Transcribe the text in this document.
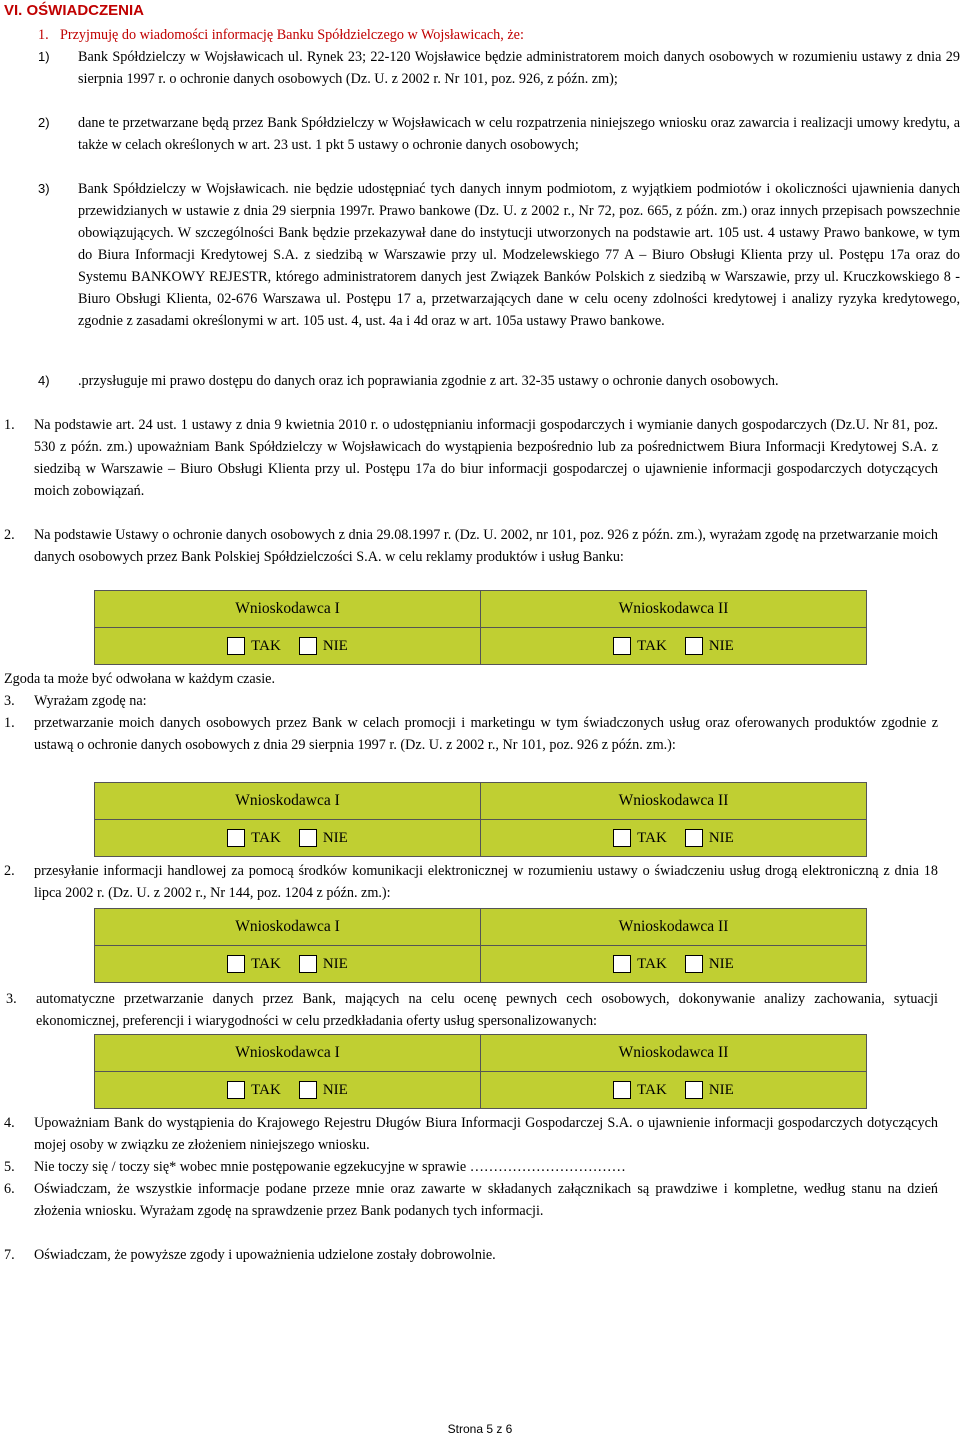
VI. OŚWIADCZENIA
1. Przyjmuję do wiadomości informację Banku Spółdzielczego w Wojsławicach, że:
1) Bank Spółdzielczy w Wojsławicach ul. Rynek 23; 22-120 Wojsławice będzie administratorem moich danych osobowych w rozumieniu ustawy z dnia 29 sierpnia 1997 r. o ochronie danych osobowych (Dz. U. z 2002 r. Nr 101, poz. 926, z późn. zm);
2) dane te przetwarzane będą przez Bank Spółdzielczy w Wojsławicach w celu rozpatrzenia niniejszego wniosku oraz zawarcia i realizacji umowy kredytu, a także w celach określonych w art. 23 ust. 1 pkt 5 ustawy o ochronie danych osobowych;
3) Bank Spółdzielczy w Wojsławicach. nie będzie udostępniać tych danych innym podmiotom, z wyjątkiem podmiotów i okoliczności ujawnienia danych przewidzianych w ustawie z dnia 29 sierpnia 1997r. Prawo bankowe (Dz. U. z 2002 r., Nr 72, poz. 665, z późn. zm.) oraz innych przepisach powszechnie obowiązujących. W szczególności Bank będzie przekazywał dane do instytucji utworzonych na podstawie art. 105 ust. 4 ustawy Prawo bankowe, w tym do Biura Informacji Kredytowej S.A. z siedzibą w Warszawie przy ul. Modzelewskiego 77 A – Biuro Obsługi Klienta przy ul. Postępu 17a oraz do Systemu BANKOWY REJESTR, którego administratorem danych jest Związek Banków Polskich z siedzibą w Warszawie, przy ul. Kruczkowskiego 8 - Biuro Obsługi Klienta, 02-676 Warszawa ul. Postępu 17 a, przetwarzających dane w celu oceny zdolności kredytowej i analizy ryzyka kredytowego, zgodnie z zasadami określonymi w art. 105 ust. 4, ust. 4a i 4d oraz w art. 105a ustawy Prawo bankowe.
4) .przysługuje mi prawo dostępu do danych oraz ich poprawiania zgodnie z art. 32-35 ustawy o ochronie danych osobowych.
1. Na podstawie art. 24 ust. 1 ustawy z dnia 9 kwietnia 2010 r. o udostępnianiu informacji gospodarczych i wymianie danych gospodarczych (Dz.U. Nr 81, poz. 530 z późn. zm.) upoważniam Bank Spółdzielczy w Wojsławicach do wystąpienia bezpośrednio lub za pośrednictwem Biura Informacji Kredytowej S.A. z siedzibą w Warszawie – Biuro Obsługi Klienta przy ul. Postępu 17a do biur informacji gospodarczej o ujawnienie informacji gospodarczych dotyczących moich zobowiązań.
2. Na podstawie Ustawy o ochronie danych osobowych z dnia 29.08.1997 r. (Dz. U. 2002, nr 101, poz. 926 z późn. zm.), wyrażam zgodę na przetwarzanie moich danych osobowych przez Bank Polskiej Spółdzielczości S.A. w celu reklamy produktów i usług Banku:
Wnioskodawca I	Wnioskodawca II

TAK NIE	TAK NIE
Zgoda ta może być odwołana w każdym czasie.
3. Wyrażam zgodę na:
1. przetwarzanie moich danych osobowych przez Bank w celach promocji i marketingu w tym świadczonych usług oraz oferowanych produktów zgodnie z ustawą o ochronie danych osobowych z dnia 29 sierpnia 1997 r. (Dz. U. z 2002 r., Nr 101, poz. 926 z późn. zm.):
Wnioskodawca I	Wnioskodawca II

TAK NIE	TAK NIE
2. przesyłanie informacji handlowej za pomocą środków komunikacji elektronicznej w rozumieniu ustawy o świadczeniu usług drogą elektroniczną z dnia 18 lipca 2002 r. (Dz. U. z 2002 r., Nr 144, poz. 1204 z późn. zm.):
Wnioskodawca I	Wnioskodawca II

TAK NIE	TAK NIE
3. automatyczne przetwarzanie danych przez Bank, mających na celu ocenę pewnych cech osobowych, dokonywanie analizy zachowania, sytuacji ekonomicznej, preferencji i wiarygodności w celu przedkładania oferty usług spersonalizowanych:
Wnioskodawca I	Wnioskodawca II

TAK NIE	TAK NIE
4. Upoważniam Bank do wystąpienia do Krajowego Rejestru Długów Biura Informacji Gospodarczej S.A. o ujawnienie informacji gospodarczych dotyczących mojej osoby w związku ze złożeniem niniejszego wniosku.
5. Nie toczy się / toczy się* wobec mnie postępowanie egzekucyjne w sprawie ……………………………
6. Oświadczam, że wszystkie informacje podane przeze mnie oraz zawarte w składanych załącznikach są prawdziwe i kompletne, według stanu na dzień złożenia wniosku. Wyrażam zgodę na sprawdzenie przez Bank podanych tych informacji.
7. Oświadczam, że powyższe zgody i upoważnienia udzielone zostały dobrowolnie.
Strona 5 z 6
